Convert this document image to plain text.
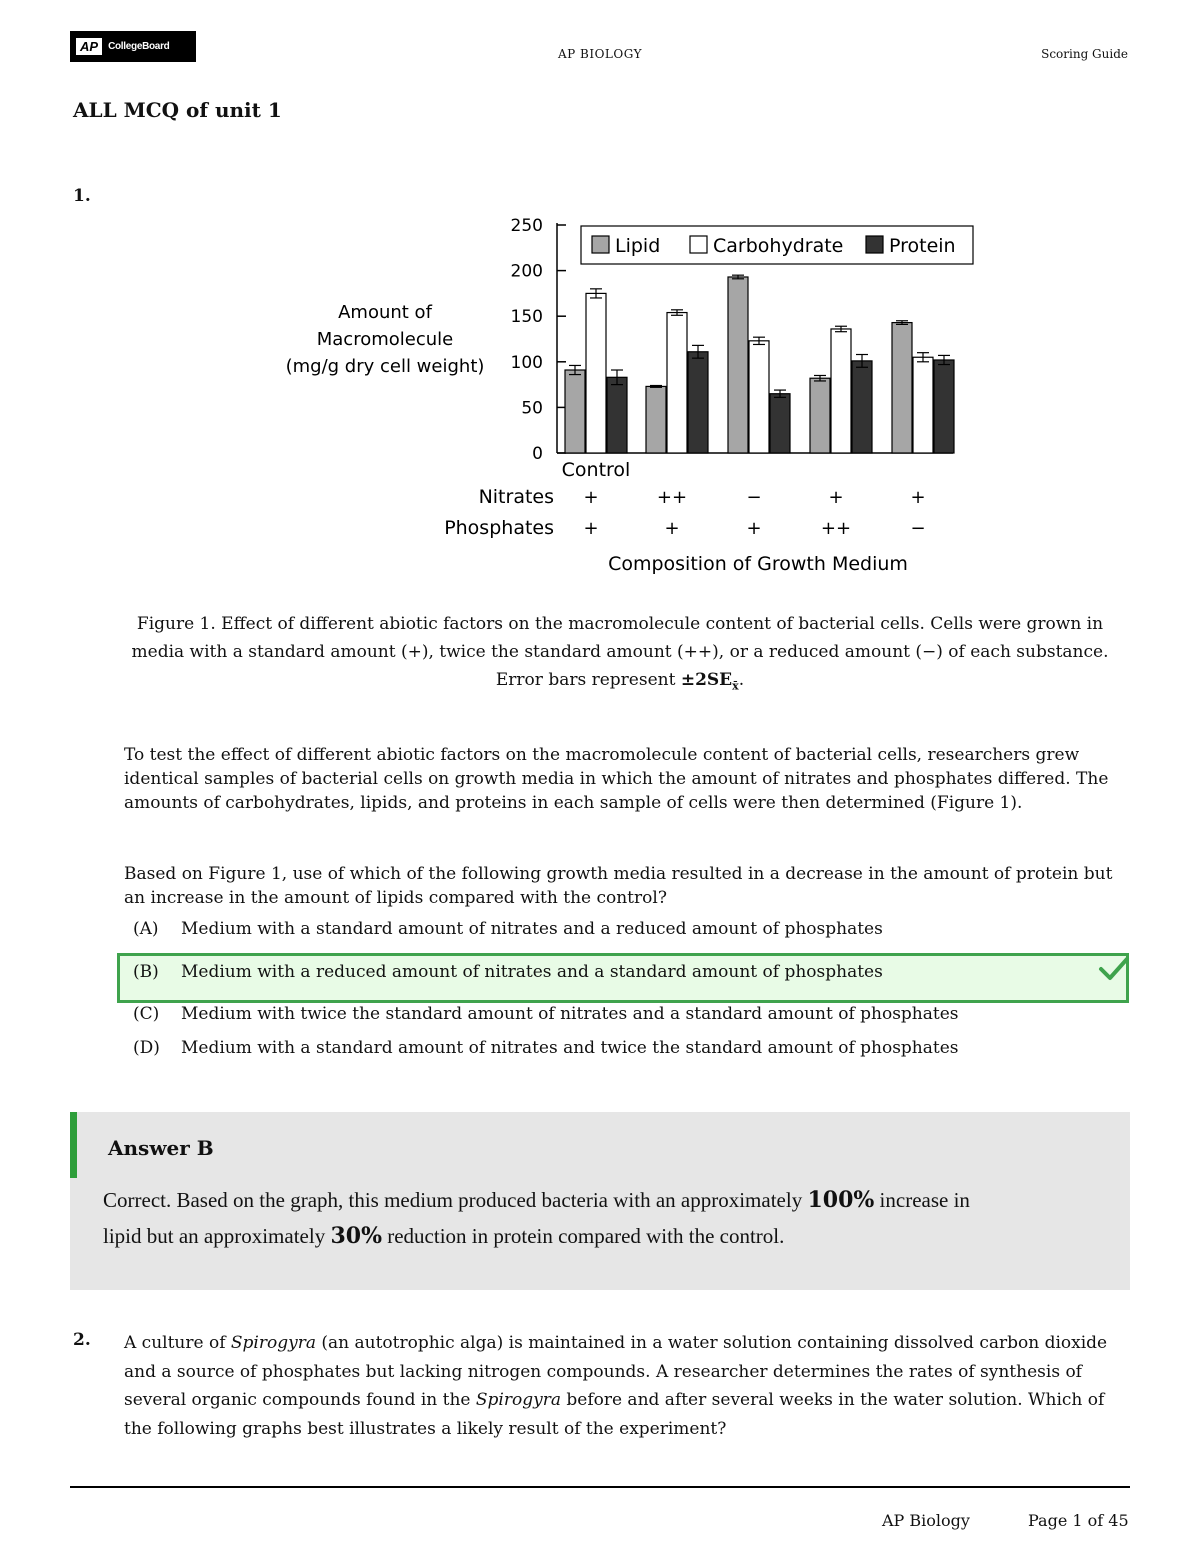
AP	CollegeBoard
AP BIOLOGY	Scoring Guide
ALL MCQ of unit 1
1.
0
50
100
150
200
250
Amount of
Macromolecule
(mg/g dry cell weight)
Lipid	Carbohydrate Protein
Control
Nitrates
Phosphates
+	++	−	+	+
+	+	+	++	−
Composition of Growth Medium
Figure 1. Effect of different abiotic factors on the macromolecule content of bacterial cells. Cells were grown in
media with a standard amount (+), twice the standard amount (++), or a reduced amount (−) of each substance.
Error bars represent $\pm 2SE_{x̄}$.
To test the effect of different abiotic factors on the macromolecule content of bacterial cells, researchers grew
identical samples of bacterial cells on growth media in which the amount of nitrates and phosphates differed. The
amounts of carbohydrates, lipids, and proteins in each sample of cells were then determined (Figure 1).
Based on Figure 1, use of which of the following growth media resulted in a decrease in the amount of protein but
an increase in the amount of lipids compared with the control?
(A) Medium with a standard amount of nitrates and a reduced amount of phosphates
(B) Medium with a reduced amount of nitrates and a standard amount of phosphates
(C) Medium with twice the standard amount of nitrates and a standard amount of phosphates
(D) Medium with a standard amount of nitrates and twice the standard amount of phosphates
Answer B
Correct. Based on the graph, this medium produced bacteria with an approximately 100% increase in
lipid but an approximately 30% reduction in protein compared with the control.
2. A culture of Spirogyra (an autotrophic alga) is maintained in a water solution containing dissolved carbon dioxide
and a source of phosphates but lacking nitrogen compounds. A researcher determines the rates of synthesis of
several organic compounds found in the Spirogyra before and after several weeks in the water solution. Which of
the following graphs best illustrates a likely result of the experiment?
AP Biology	Page 1 of 45
